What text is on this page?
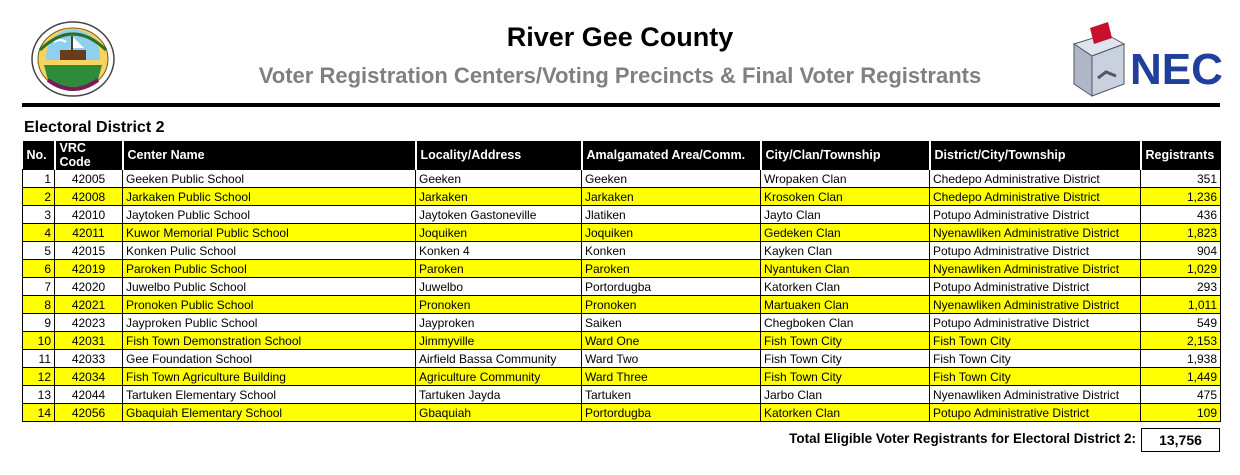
River Gee County
Voter Registration Centers/Voting Precincts & Final Voter Registrants	NEC
Electoral District 2
No.	VRC Code	Center Name	Locality/Address	Amalgamated Area/Comm.	City/Clan/Township	District/City/Township	Registrants
1	42005	Geeken Public School	Geeken	Geeken	Wropaken Clan	Chedepo Administrative District	351
2	42008	Jarkaken Public School	Jarkaken	Jarkaken	Krosoken Clan	Chedepo Administrative District	1,236
3	42010	Jaytoken Public School	Jaytoken Gastoneville	Jlatiken	Jayto Clan	Potupo Administrative District	436
4	42011	Kuwor Memorial Public School	Joquiken	Joquiken	Gedeken Clan	Nyenawliken Administrative District	1,823
5	42015	Konken Pulic School	Konken 4	Konken	Kayken Clan	Potupo Administrative District	904
6	42019	Paroken Public School	Paroken	Paroken	Nyantuken Clan	Nyenawliken Administrative District	1,029
7	42020	Juwelbo Public School	Juwelbo	Portordugba	Katorken Clan	Potupo Administrative District	293
8	42021	Pronoken Public School	Pronoken	Pronoken	Martuaken Clan	Nyenawliken Administrative District	1,011
9	42023	Jayproken Public School	Jayproken	Saiken	Chegboken Clan	Potupo Administrative District	549
10	42031	Fish Town Demonstration School	Jimmyville	Ward One	Fish Town City	Fish Town City	2,153
11	42033	Gee Foundation School	Airfield Bassa Community	Ward Two	Fish Town City	Fish Town City	1,938
12	42034	Fish Town Agriculture Building	Agriculture Community	Ward Three	Fish Town City	Fish Town City	1,449
13	42044	Tartuken Elementary School	Tartuken Jayda	Tartuken	Jarbo Clan	Nyenawliken Administrative District	475
14	42056	Gbaquiah Elementary School	Gbaquiah	Portordugba	Katorken Clan	Potupo Administrative District	109
Total Eligible Voter Registrants for Electoral District 2:	13,756
